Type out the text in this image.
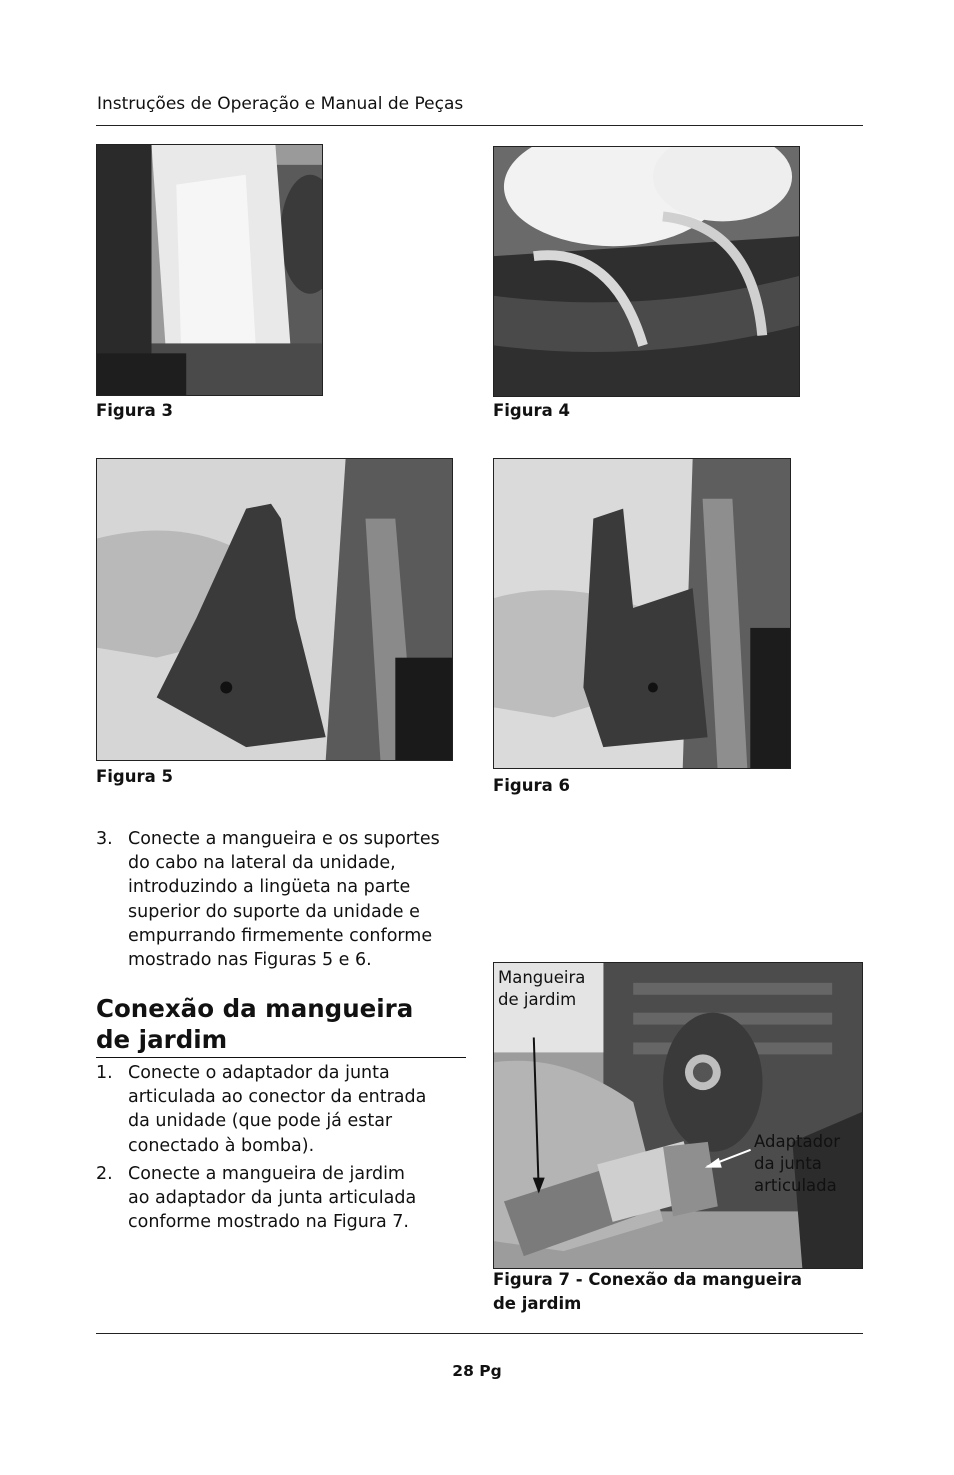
Instruções de Operação e Manual de Peças
Figura 3	Figura 4
Figura 5	Figura 6
3. Conecte a mangueira e os suportes
do cabo na lateral da unidade,
introduzindo a lingüeta na parte
superior do suporte da unidade e
empurrando firmemente conforme
mostrado nas Figuras 5 e 6.
Conexão da mangueira
de jardim
1. Conecte o adaptador da junta
articulada ao conector da entrada
da unidade (que pode já estar
conectado à bomba).
2. Conecte a mangueira de jardim
ao adaptador da junta articulada
conforme mostrado na Figura 7.
Mangueira
de jardim
Adaptador
da junta
articulada
Figura 7 - Conexão da mangueira
de jardim
28 Pg
